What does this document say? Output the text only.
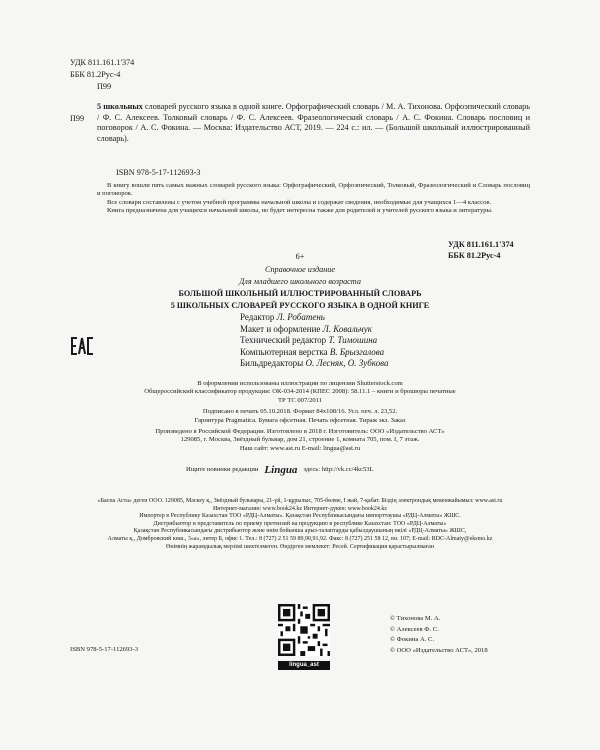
УДК 811.161.1'374
ББК 81.2Рус-4
П99
П99
5 школьных словарей русского языка в одной книге. Орфографический словарь / М. А. Тихонова. Орфоэпический словарь / Ф. С. Алексеев. Толковый словарь / Ф. С. Алексеев. Фразеологический словарь / А. С. Фокина. Словарь пословиц и поговорок / А. С. Фокина. — Москва: Издательство АСТ, 2019. — 224 с.: ил. — (Большой школьный иллюстрированный словарь).
ISBN 978-5-17-112693-3
В книгу вошли пять самых важных словарей русского языка: Орфографический, Орфоэпический, Толковый, Фразеологический и Словарь пословиц и поговорок.
Все словари составлены с учетом учебной программы начальной школы и содержат сведения, необходимые для учащихся 1—4 классов.
Книга предназначена для учащихся начальной школы, но будет интересна также для родителей и учителей русского языка и литературы.
УДК 811.161.1'374
ББК 81.2Рус-4
6+
Справочное издание
Для младшего школьного возраста
БОЛЬШОЙ ШКОЛЬНЫЙ ИЛЛЮСТРИРОВАННЫЙ СЛОВАРЬ
5 ШКОЛЬНЫХ СЛОВАРЕЙ РУССКОГО ЯЗЫКА В ОДНОЙ КНИГЕ
Редактор Л. Робатень
Макет и оформление Л. Ковальчук
Технический редактор Т. Тимошина
Компьютерная верстка В. Брызгалова
Бильдредакторы О. Лесняк, О. Зубкова
В оформлении использованы иллюстрации по лицензии Shutterstock.com
Общероссийский классификатор продукции: ОК-034-2014 (КПЕС 2008): 58.11.1 – книги и брошюры печатные
ТР ТС 007/2011
Подписано в печать 05.10.2018. Формат 84х108/16. Усл. печ. л. 23,52.
Гарнитура Pragmatica. Бумага офсетная. Печать офсетная. Тираж экз. Заказ
Произведено в Российской Федерации. Изготовлено в 2018 г. Изготовитель: ООО «Издательство АСТ»
129085, г. Москва, Звёздный бульвар, дом 21, строение 1, комната 705, пом. I, 7 этаж.
Наш сайт: www.ast.ru E-mail: lingua@ast.ru
Ищите новинки редакции Lingua здесь: http://vk.cc/4kc53L
«Баспа Аста» деген ООО. 129085, Мәскеу қ., Звёздный бульвары, 21-үй, 1-құрылыс, 705-бөлме, I жай, 7-қабат. Біздің электрондық мекенжайымыз: www.ast.ru
Интернет-магазин: www.book24.kz Интернет-дүкен: www.book24.kz
Импортер в Республику Казахстан ТОО «РДЦ-Алматы». Қазақстан Республикасындағы импорттаушы «РДЦ-Алматы» ЖШС.
Дистрибьютор и представитель по приему претензий на продукцию в республике Казахстан: ТОО «РДЦ-Алматы»
Қазақстан Республикасындағы дистрибьютор және өнім бойынша арыз-талаптарды қабылдаушының өкілі «РДЦ-Алматы» ЖШС,
Алматы қ., Домбровский көш., 3«а», литер Б, офис 1. Тел.: 8 (727) 2 51 59 89,90,91,92. Факс: 8 (727) 251 58 12, вн. 107; E-mail: RDC-Almaty@eksmo.kz
Өнімнің жарамдылық мерзімі шектелмеген. Өндірген мемлекет: Ресей. Сертификация қарастырылмаған
lingua_ast
ISBN 978-5-17-112693-3
© Тихонова М. А.
© Алексеев Ф. С.
© Фокина А. С.
© ООО «Издательство АСТ», 2018
